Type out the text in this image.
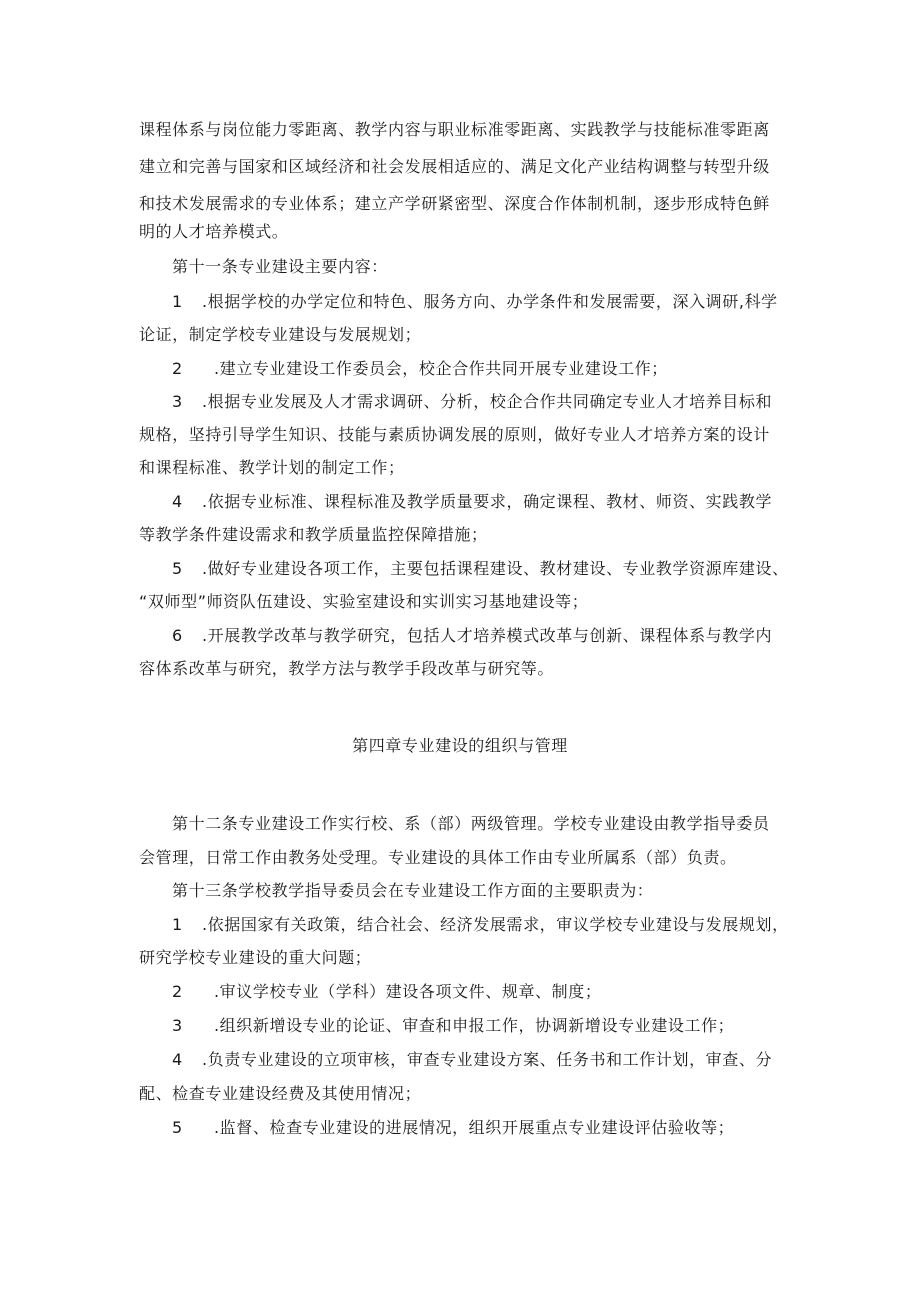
课程体系与岗位能力零距离、教学内容与职业标准零距离、实践教学与技能标准零距离
建立和完善与国家和区域经济和社会发展相适应的、满足文化产业结构调整与转型升级
和技术发展需求的专业体系；建立产学研紧密型、深度合作体制机制，逐步形成特色鲜
明的人才培养模式。
第十一条专业建设主要内容：
1 .根据学校的办学定位和特色、服务方向、办学条件和发展需要，深入调研,科学
论证，制定学校专业建设与发展规划；
2 .建立专业建设工作委员会，校企合作共同开展专业建设工作；
3 .根据专业发展及人才需求调研、分析，校企合作共同确定专业人才培养目标和
规格，坚持引导学生知识、技能与素质协调发展的原则，做好专业人才培养方案的设计
和课程标准、教学计划的制定工作；
4 .依据专业标准、课程标准及教学质量要求，确定课程、教材、师资、实践教学
等教学条件建设需求和教学质量监控保障措施；
5 .做好专业建设各项工作，主要包括课程建设、教材建设、专业教学资源库建设、
“双师型”师资队伍建设、实验室建设和实训实习基地建设等；
6 .开展教学改革与教学研究，包括人才培养模式改革与创新、课程体系与教学内
容体系改革与研究，教学方法与教学手段改革与研究等。
第四章专业建设的组织与管理
第十二条专业建设工作实行校、系（部）两级管理。学校专业建设由教学指导委员
会管理，日常工作由教务处受理。专业建设的具体工作由专业所属系（部）负责。
第十三条学校教学指导委员会在专业建设工作方面的主要职责为：
1 .依据国家有关政策，结合社会、经济发展需求，审议学校专业建设与发展规划，
研究学校专业建设的重大问题；
2 .审议学校专业（学科）建设各项文件、规章、制度；
3 .组织新增设专业的论证、审查和申报工作，协调新增设专业建设工作；
4 .负责专业建设的立项审核，审查专业建设方案、任务书和工作计划，审查、分
配、检查专业建设经费及其使用情况；
5 .监督、检查专业建设的进展情况，组织开展重点专业建设评估验收等；
